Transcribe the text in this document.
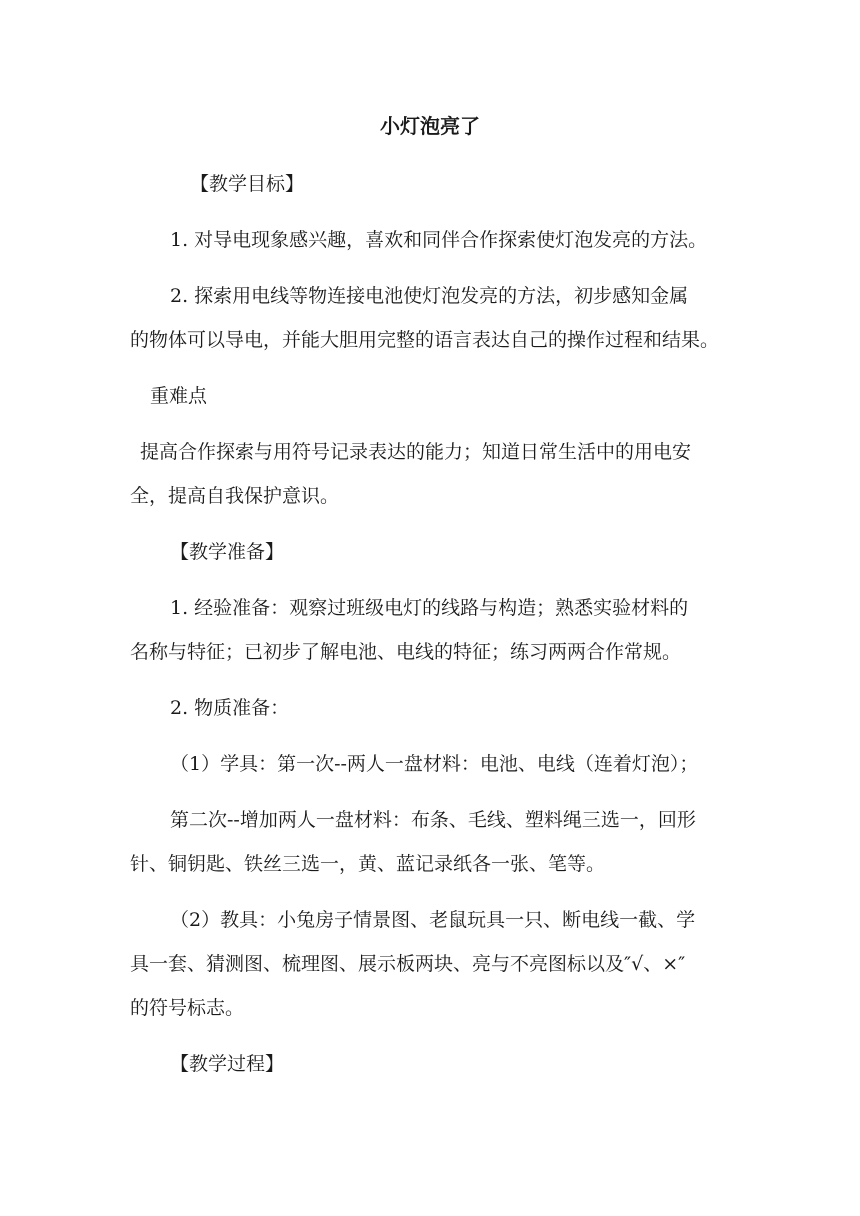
小灯泡亮了
【教学目标】
1. 对导电现象感兴趣，喜欢和同伴合作探索使灯泡发亮的方法。
2. 探索用电线等物连接电池使灯泡发亮的方法，初步感知金属
的物体可以导电，并能大胆用完整的语言表达自己的操作过程和结果。
重难点
提高合作探索与用符号记录表达的能力；知道日常生活中的用电安
全，提高自我保护意识。
【教学准备】
1. 经验准备：观察过班级电灯的线路与构造；熟悉实验材料的
名称与特征；已初步了解电池、电线的特征；练习两两合作常规。
2. 物质准备：
（1）学具：第一次--两人一盘材料：电池、电线（连着灯泡）；
第二次--增加两人一盘材料：布条、毛线、塑料绳三选一，回形
针、铜钥匙、铁丝三选一，黄、蓝记录纸各一张、笔等。
（2）教具：小兔房子情景图、老鼠玩具一只、断电线一截、学
具一套、猜测图、梳理图、展示板两块、亮与不亮图标以及″√、×″
的符号标志。
【教学过程】
